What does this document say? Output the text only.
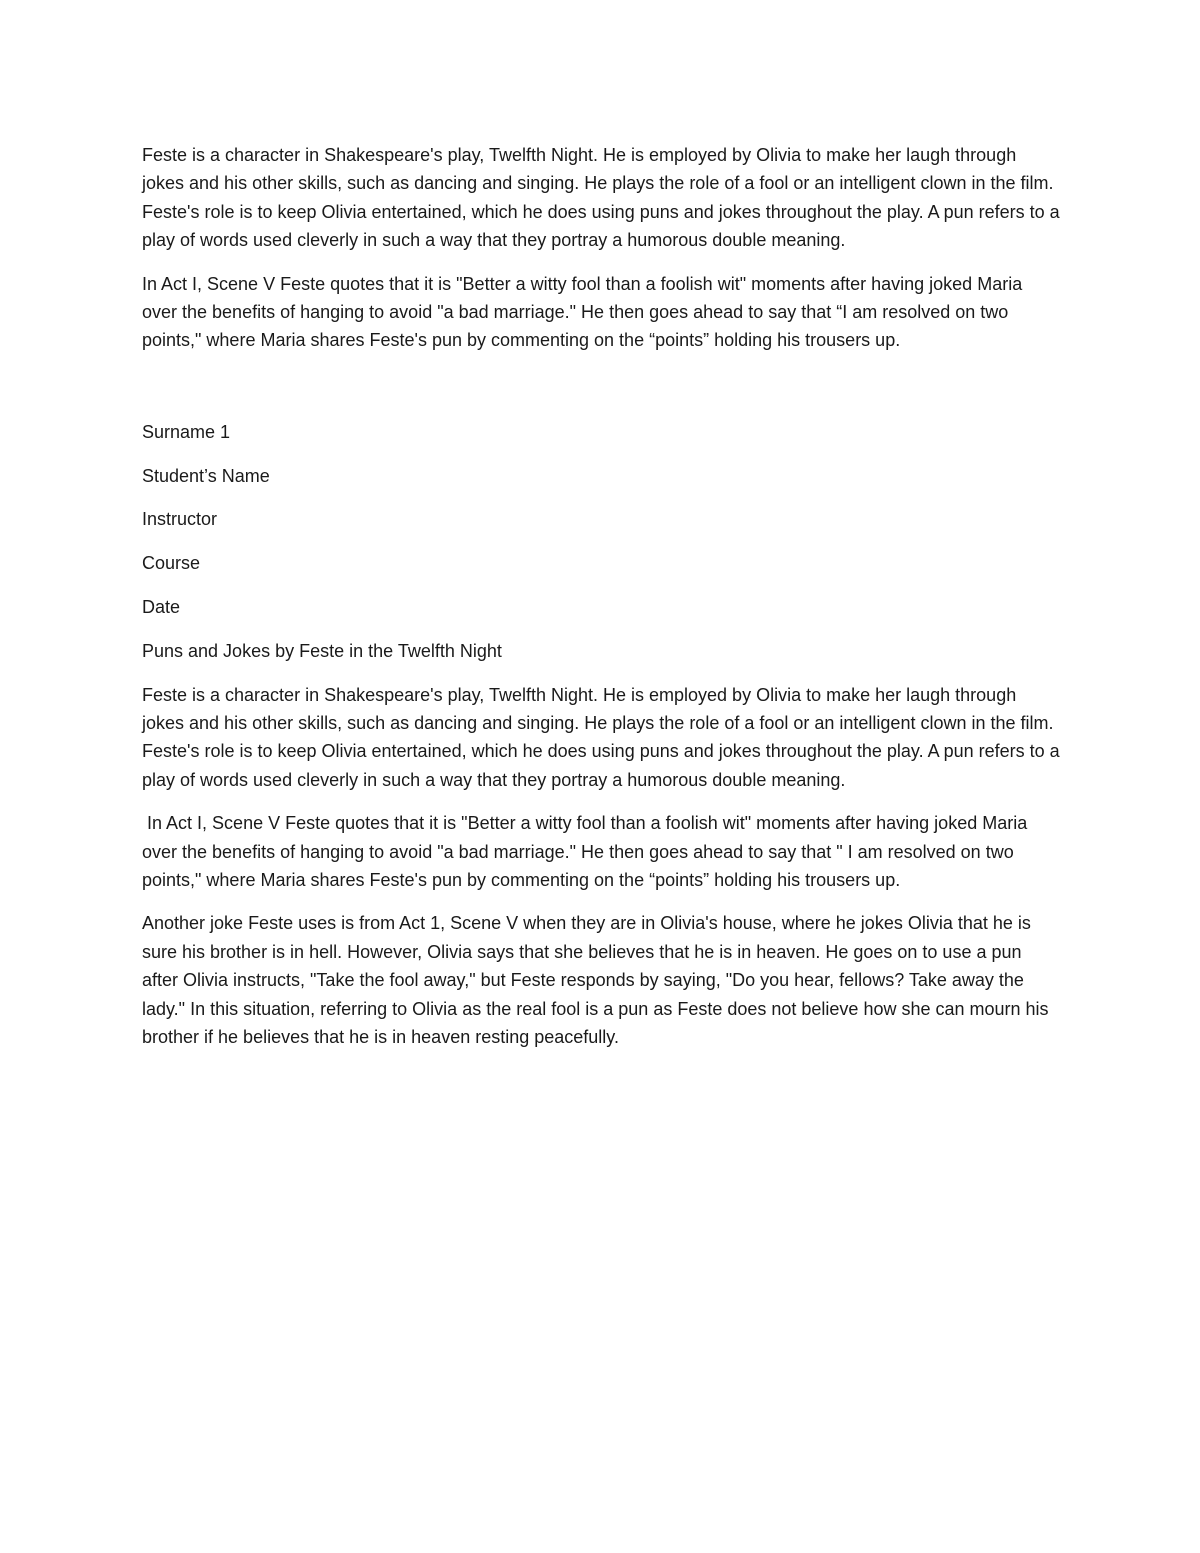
Feste is a character in Shakespeare's play, Twelfth Night. He is employed by Olivia to make her laugh through jokes and his other skills, such as dancing and singing. He plays the role of a fool or an intelligent clown in the film. Feste's role is to keep Olivia entertained, which he does using puns and jokes throughout the play. A pun refers to a play of words used cleverly in such a way that they portray a humorous double meaning.

In Act I, Scene V Feste quotes that it is "Better a witty fool than a foolish wit" moments after having joked Maria over the benefits of hanging to avoid "a bad marriage." He then goes ahead to say that “I am resolved on two points," where Maria shares Feste's pun by commenting on the “points” holding his trousers up.

Surname 1

Student’s Name

Instructor

Course

Date

Puns and Jokes by Feste in the Twelfth Night

Feste is a character in Shakespeare's play, Twelfth Night. He is employed by Olivia to make her laugh through jokes and his other skills, such as dancing and singing. He plays the role of a fool or an intelligent clown in the film. Feste's role is to keep Olivia entertained, which he does using puns and jokes throughout the play. A pun refers to a play of words used cleverly in such a way that they portray a humorous double meaning.

In Act I, Scene V Feste quotes that it is "Better a witty fool than a foolish wit" moments after having joked Maria over the benefits of hanging to avoid "a bad marriage." He then goes ahead to say that " I am resolved on two points," where Maria shares Feste's pun by commenting on the “points” holding his trousers up.

Another joke Feste uses is from Act 1, Scene V when they are in Olivia's house, where he jokes Olivia that he is sure his brother is in hell. However, Olivia says that she believes that he is in heaven. He goes on to use a pun after Olivia instructs, "Take the fool away," but Feste responds by saying, "Do you hear, fellows? Take away the lady." In this situation, referring to Olivia as the real fool is a pun as Feste does not believe how she can mourn his brother if he believes that he is in heaven resting peacefully.
